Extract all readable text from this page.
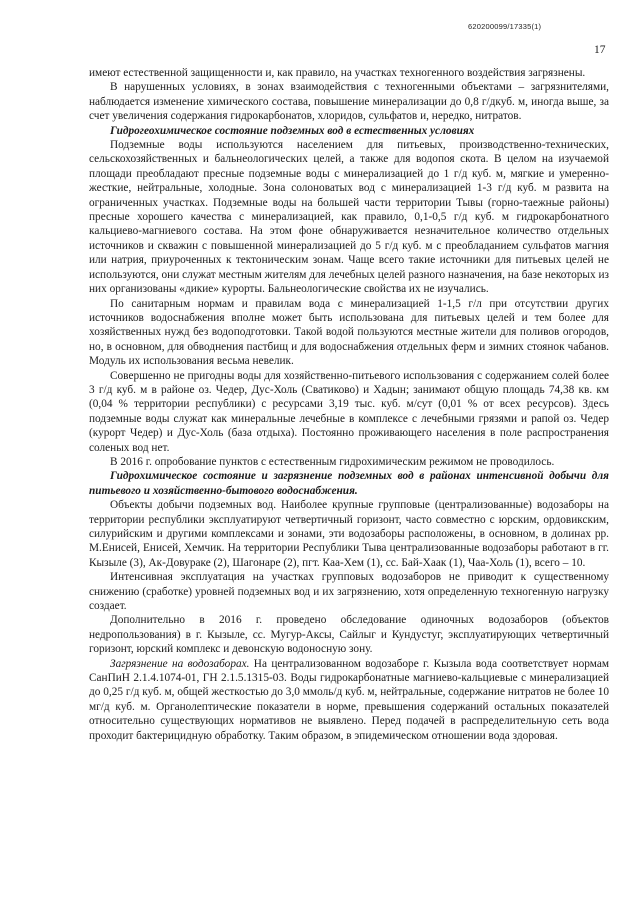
620200099/17335(1)
17

имеют естественной защищенности и, как правило, на участках техногенного воздействия загрязнены.

В нарушенных условиях, в зонах взаимодействия с техногенными объектами – загрязнителями, наблюдается изменение химического состава, повышение минерализации до 0,8 г/дкуб. м, иногда выше, за счет увеличения содержания гидрокарбонатов, хлоридов, сульфатов и, нередко, нитратов.

Гидрогеохимическое состояние подземных вод в естественных условиях

Подземные воды используются населением для питьевых, производственно-технических, сельскохозяйственных и бальнеологических целей, а также для водопоя скота. В целом на изучаемой площади преобладают пресные подземные воды с минерализацией до 1 г/д куб. м, мягкие и умеренно-жесткие, нейтральные, холодные. Зона солоноватых вод с минерализацией 1-3 г/д куб. м развита на ограниченных участках. Подземные воды на большей части территории Тывы (горно-таежные районы) пресные хорошего качества с минерализацией, как правило, 0,1-0,5 г/д куб. м гидрокарбонатного кальциево-магниевого состава. На этом фоне обнаруживается незначительное количество отдельных источников и скважин с повышенной минерализацией до 5 г/д куб. м с преобладанием сульфатов магния или натрия, приуроченных к тектоническим зонам. Чаще всего такие источники для питьевых целей не используются, они служат местным жителям для лечебных целей разного назначения, на базе некоторых из них организованы «дикие» курорты. Бальнеологические свойства их не изучались.

По санитарным нормам и правилам вода с минерализацией 1-1,5 г/л при отсутствии других источников водоснабжения вполне может быть использована для питьевых целей и тем более для хозяйственных нужд без водоподготовки. Такой водой пользуются местные жители для поливов огородов, но, в основном, для обводнения пастбищ и для водоснабжения отдельных ферм и зимних стоянок чабанов. Модуль их использования весьма невелик.

Совершенно не пригодны воды для хозяйственно-питьевого использования с содержанием солей более 3 г/д куб. м в районе оз. Чедер, Дус-Холь (Сватиково) и Хадын; занимают общую площадь 74,38 кв. км (0,04 % территории республики) с ресурсами 3,19 тыс. куб. м/сут (0,01 % от всех ресурсов). Здесь подземные воды служат как минеральные лечебные в комплексе с лечебными грязями и рапой оз. Чедер (курорт Чедер) и Дус-Холь (база отдыха). Постоянно проживающего населения в поле распространения соленых вод нет.

В 2016 г. опробование пунктов с естественным гидрохимическим режимом не проводилось.

Гидрохимическое состояние и загрязнение подземных вод в районах интенсивной добычи для питьевого и хозяйственно-бытового водоснабжения.

Объекты добычи подземных вод. Наиболее крупные групповые (централизованные) водозаборы на территории республики эксплуатируют четвертичный горизонт, часто совместно с юрским, ордовикским, силурийским и другими комплексами и зонами, эти водозаборы расположены, в основном, в долинах рр. М.Енисей, Енисей, Хемчик. На территории Республики Тыва централизованные водозаборы работают в гг. Кызыле (3), Ак-Довураке (2), Шагонаре (2), пгт. Каа-Хем (1), сс. Бай-Хаак (1), Чаа-Холь (1), всего – 10.

Интенсивная эксплуатация на участках групповых водозаборов не приводит к существенному снижению (сработке) уровней подземных вод и их загрязнению, хотя определенную техногенную нагрузку создает.

Дополнительно в 2016 г. проведено обследование одиночных водозаборов (объектов недропользования) в г. Кызыле, сс. Мугур-Аксы, Сайлыг и Кундустуг, эксплуатирующих четвертичный горизонт, юрский комплекс и девонскую водоносную зону.

Загрязнение на водозаборах. На централизованном водозаборе г. Кызыла вода соответствует нормам СанПиН 2.1.4.1074-01, ГН 2.1.5.1315-03. Воды гидрокарбонатные магниево-кальциевые с минерализацией до 0,25 г/д куб. м, общей жесткостью до 3,0 ммоль/д куб. м, нейтральные, содержание нитратов не более 10 мг/д куб. м. Органолептические показатели в норме, превышения содержаний остальных показателей относительно существующих нормативов не выявлено. Перед подачей в распределительную сеть вода проходит бактерицидную обработку. Таким образом, в эпидемическом отношении вода здоровая.
